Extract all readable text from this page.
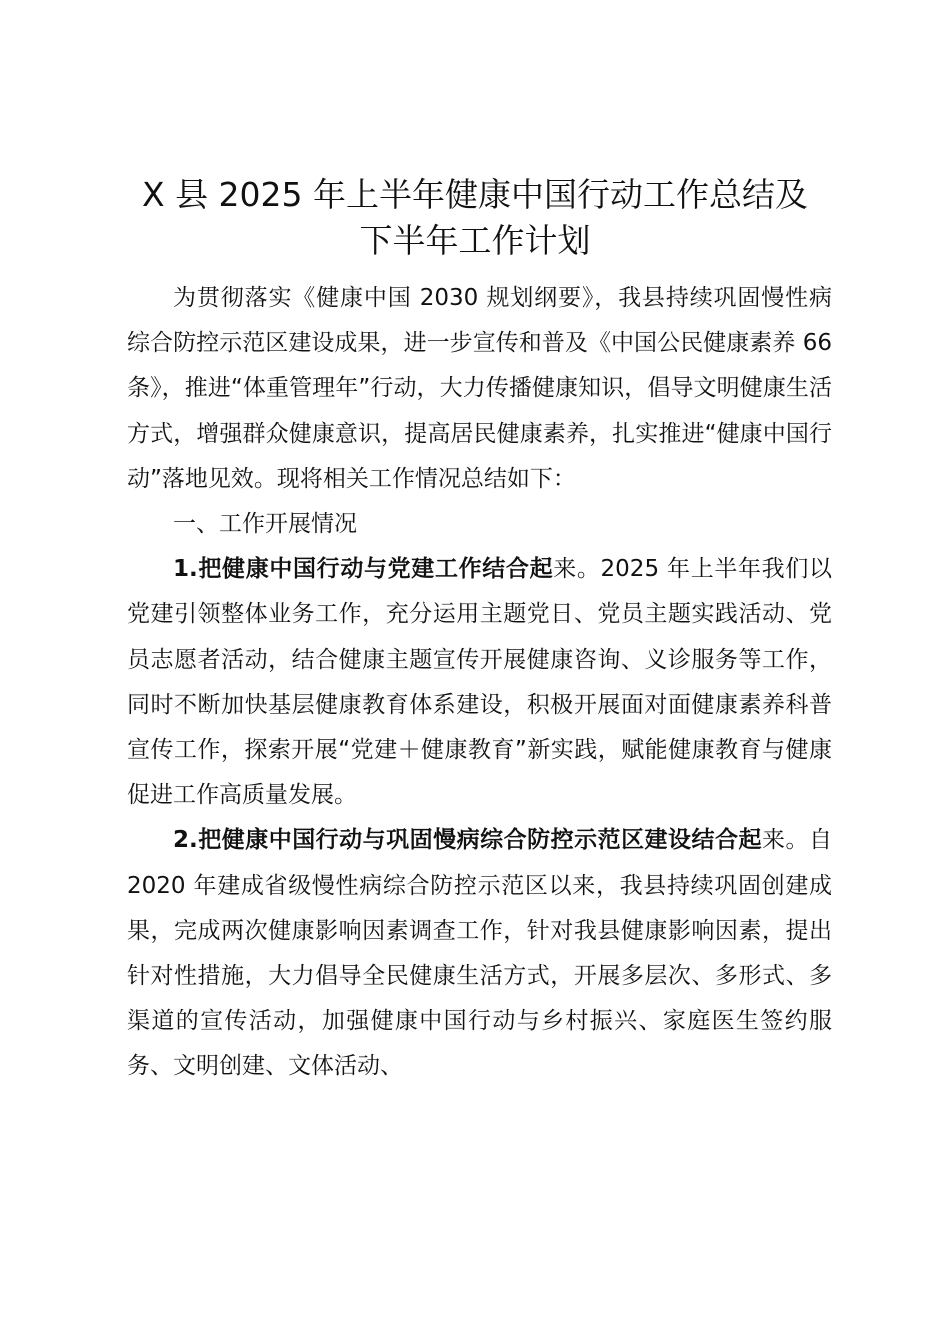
X 县 2025 年上半年健康中国行动工作总结及
下半年工作计划

为贯彻落实《健康中国 2030 规划纲要》，我县持续巩固慢性病综合防控示范区建设成果，进一步宣传和普及《中国公民健康素养 66 条》，推进“体重管理年”行动，大力传播健康知识，倡导文明健康生活方式，增强群众健康意识，提高居民健康素养，扎实推进“健康中国行动”落地见效。现将相关工作情况总结如下：

一、工作开展情况

1.把健康中国行动与党建工作结合起来。2025 年上半年我们以党建引领整体业务工作，充分运用主题党日、党员主题实践活动、党员志愿者活动，结合健康主题宣传开展健康咨询、义诊服务等工作，同时不断加快基层健康教育体系建设，积极开展面对面健康素养科普宣传工作，探索开展“党建＋健康教育”新实践，赋能健康教育与健康促进工作高质量发展。

2.把健康中国行动与巩固慢病综合防控示范区建设结合起来。自 2020 年建成省级慢性病综合防控示范区以来，我县持续巩固创建成果，完成两次健康影响因素调查工作，针对我县健康影响因素，提出针对性措施，大力倡导全民健康生活方式，开展多层次、多形式、多渠道的宣传活动，加强健康中国行动与乡村振兴、家庭医生签约服务、文明创建、文体活动、
